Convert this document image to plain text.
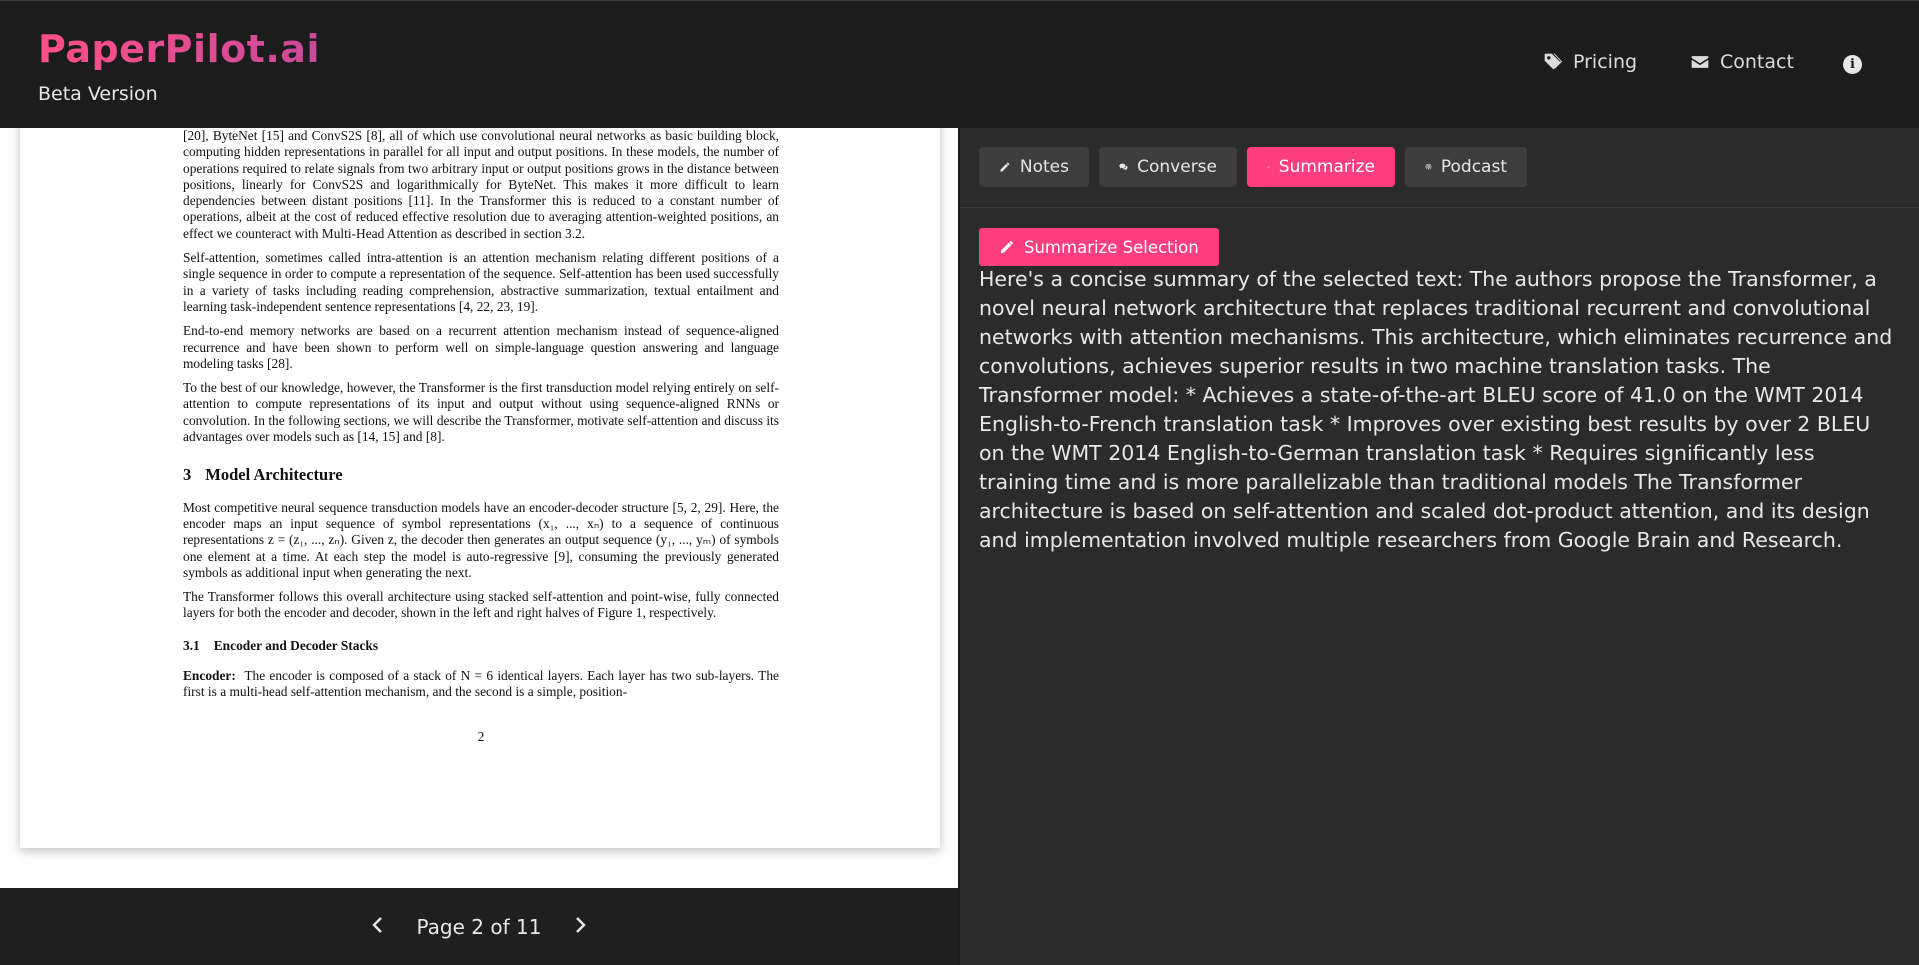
PaperPilot.ai
Beta Version
Pricing	Contact	i

[20], ByteNet [15] and ConvS2S [8], all of which use convolutional neural networks as basic building block, computing hidden representations in parallel for all input and output positions. In these models, the number of operations required to relate signals from two arbitrary input or output positions grows in the distance between positions, linearly for ConvS2S and logarithmically for ByteNet. This makes it more difficult to learn dependencies between distant positions [11]. In the Transformer this is reduced to a constant number of operations, albeit at the cost of reduced effective resolution due to averaging attention-weighted positions, an effect we counteract with Multi-Head Attention as described in section 3.2.

Self-attention, sometimes called intra-attention is an attention mechanism relating different positions of a single sequence in order to compute a representation of the sequence. Self-attention has been used successfully in a variety of tasks including reading comprehension, abstractive summarization, textual entailment and learning task-independent sentence representations [4, 22, 23, 19].

End-to-end memory networks are based on a recurrent attention mechanism instead of sequence-aligned recurrence and have been shown to perform well on simple-language question answering and language modeling tasks [28].

To the best of our knowledge, however, the Transformer is the first transduction model relying entirely on self-attention to compute representations of its input and output without using sequence-aligned RNNs or convolution. In the following sections, we will describe the Transformer, motivate self-attention and discuss its advantages over models such as [14, 15] and [8].

3 Model Architecture

Most competitive neural sequence transduction models have an encoder-decoder structure [5, 2, 29]. Here, the encoder maps an input sequence of symbol representations (x₁, ..., xₙ) to a sequence of continuous representations z = (z₁, ..., zₙ). Given z, the decoder then generates an output sequence (y₁, ..., yₘ) of symbols one element at a time. At each step the model is auto-regressive [9], consuming the previously generated symbols as additional input when generating the next.

The Transformer follows this overall architecture using stacked self-attention and point-wise, fully connected layers for both the encoder and decoder, shown in the left and right halves of Figure 1, respectively.

3.1 Encoder and Decoder Stacks

Encoder: The encoder is composed of a stack of N = 6 identical layers. Each layer has two sub-layers. The first is a multi-head self-attention mechanism, and the second is a simple, position-

2
Page 2 of 11
Notes	Converse	Summarize	Podcast
Summarize Selection
Here's a concise summary of the selected text: The authors propose the Transformer, a novel neural network architecture that replaces traditional recurrent and convolutional networks with attention mechanisms. This architecture, which eliminates recurrence and convolutions, achieves superior results in two machine translation tasks. The Transformer model: * Achieves a state-of-the-art BLEU score of 41.0 on the WMT 2014 English-to-French translation task * Improves over existing best results by over 2 BLEU on the WMT 2014 English-to-German translation task * Requires significantly less training time and is more parallelizable than traditional models The Transformer architecture is based on self-attention and scaled dot-product attention, and its design and implementation involved multiple researchers from Google Brain and Research.
